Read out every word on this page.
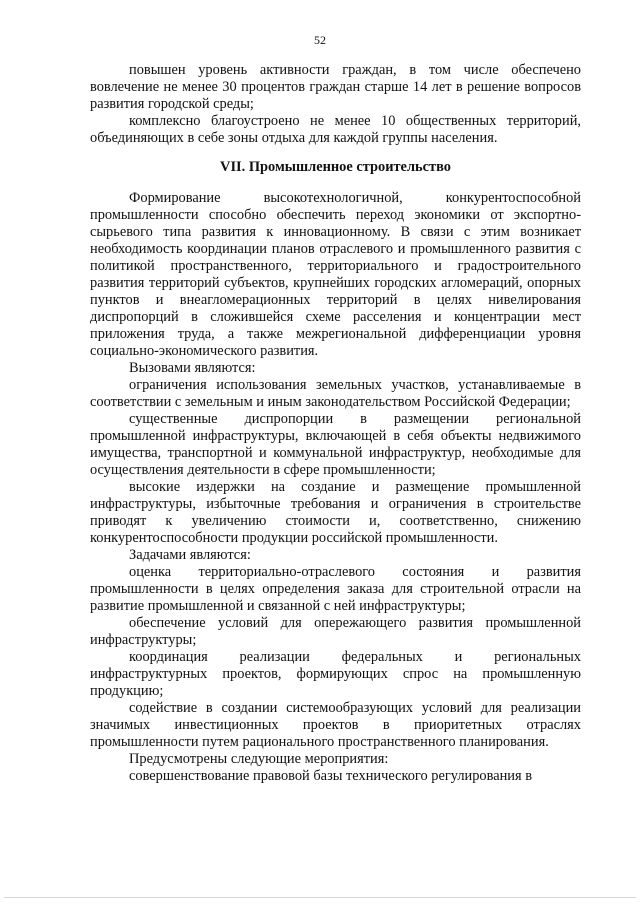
52

повышен уровень активности граждан, в том числе обеспечено вовлечение не менее 30 процентов граждан старше 14 лет в решение вопросов развития городской среды;

комплексно благоустроено не менее 10 общественных территорий, объединяющих в себе зоны отдыха для каждой группы населения.

VII. Промышленное строительство

Формирование высокотехнологичной, конкурентоспособной промышленности способно обеспечить переход экономики от экспортно-сырьевого типа развития к инновационному. В связи с этим возникает необходимость координации планов отраслевого и промышленного развития с политикой пространственного, территориального и градостроительного развития территорий субъектов, крупнейших городских агломераций, опорных пунктов и внеагломерационных территорий в целях нивелирования диспропорций в сложившейся схеме расселения и концентрации мест приложения труда, а также межрегиональной дифференциации уровня социально-экономического развития.

Вызовами являются:

ограничения использования земельных участков, устанавливаемые в соответствии с земельным и иным законодательством Российской Федерации;

существенные диспропорции в размещении региональной промышленной инфраструктуры, включающей в себя объекты недвижимого имущества, транспортной и коммунальной инфраструктур, необходимые для осуществления деятельности в сфере промышленности;

высокие издержки на создание и размещение промышленной инфраструктуры, избыточные требования и ограничения в строительстве приводят к увеличению стоимости и, соответственно, снижению конкурентоспособности продукции российской промышленности.

Задачами являются:

оценка территориально-отраслевого состояния и развития промышленности в целях определения заказа для строительной отрасли на развитие промышленной и связанной с ней инфраструктуры;

обеспечение условий для опережающего развития промышленной инфраструктуры;

координация реализации федеральных и региональных инфраструктурных проектов, формирующих спрос на промышленную продукцию;

содействие в создании системообразующих условий для реализации значимых инвестиционных проектов в приоритетных отраслях промышленности путем рационального пространственного планирования.

Предусмотрены следующие мероприятия:

совершенствование правовой базы технического регулирования в
